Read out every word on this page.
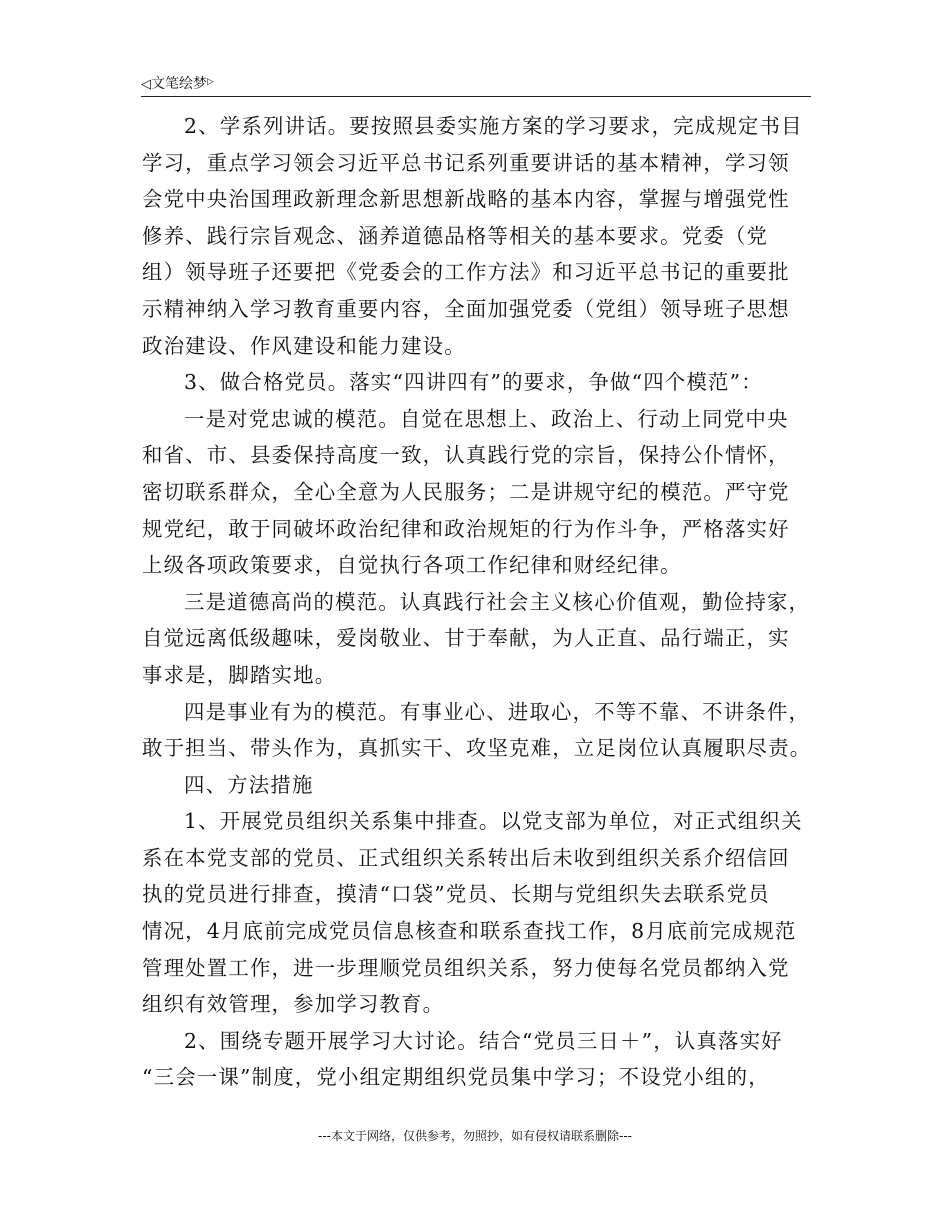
◁文笔绘梦▷
2、学系列讲话。要按照县委实施方案的学习要求，完成规定书目
学习，重点学习领会习近平总书记系列重要讲话的基本精神，学习领
会党中央治国理政新理念新思想新战略的基本内容，掌握与增强党性
修养、践行宗旨观念、涵养道德品格等相关的基本要求。党委（党
组）领导班子还要把《党委会的工作方法》和习近平总书记的重要批
示精神纳入学习教育重要内容，全面加强党委（党组）领导班子思想
政治建设、作风建设和能力建设。
3、做合格党员。落实“四讲四有”的要求，争做“四个模范”：
一是对党忠诚的模范。自觉在思想上、政治上、行动上同党中央
和省、市、县委保持高度一致，认真践行党的宗旨，保持公仆情怀，
密切联系群众，全心全意为人民服务；二是讲规守纪的模范。严守党
规党纪，敢于同破坏政治纪律和政治规矩的行为作斗争，严格落实好
上级各项政策要求，自觉执行各项工作纪律和财经纪律。
三是道德高尚的模范。认真践行社会主义核心价值观，勤俭持家，
自觉远离低级趣味，爱岗敬业、甘于奉献，为人正直、品行端正，实
事求是，脚踏实地。
四是事业有为的模范。有事业心、进取心，不等不靠、不讲条件，
敢于担当、带头作为，真抓实干、攻坚克难，立足岗位认真履职尽责。
四、方法措施
1、开展党员组织关系集中排查。以党支部为单位，对正式组织关
系在本党支部的党员、正式组织关系转出后未收到组织关系介绍信回
执的党员进行排查，摸清“口袋”党员、长期与党组织失去联系党员
情况，4月底前完成党员信息核查和联系查找工作，8月底前完成规范
管理处置工作，进一步理顺党员组织关系，努力使每名党员都纳入党
组织有效管理，参加学习教育。
2、围绕专题开展学习大讨论。结合“党员三日＋”，认真落实好
“三会一课”制度，党小组定期组织党员集中学习；不设党小组的，
---本文于网络，仅供参考，勿照抄，如有侵权请联系删除---
